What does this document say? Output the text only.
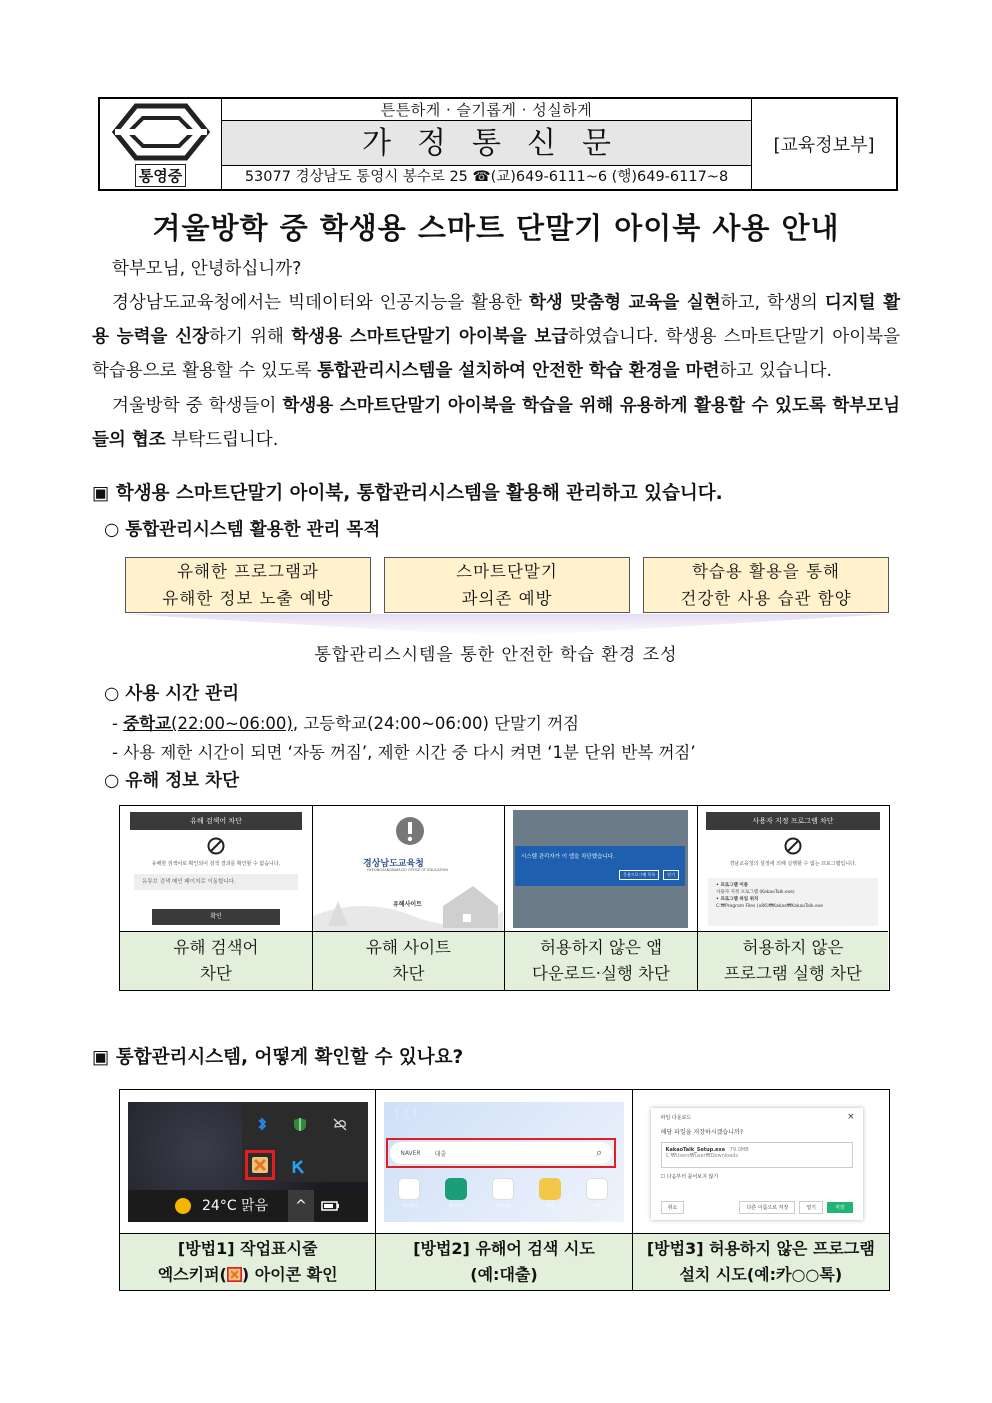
통영중
튼튼하게 · 슬기롭게 · 성실하게
가정통신문
53077 경상남도 통영시 봉수로 25 ☎(교)649-6111~6 (행)649-6117~8
[교육정보부]
겨울방학 중 학생용 스마트 단말기 아이북 사용 안내
학부모님, 안녕하십니까?
경상남도교육청에서는 빅데이터와 인공지능을 활용한 학생 맞춤형 교육을 실현하고, 학생의 디지털 활용 능력을 신장하기 위해 학생용 스마트단말기 아이북을 보급하였습니다. 학생용 스마트단말기 아이북을 학습용으로 활용할 수 있도록 통합관리시스템을 설치하여 안전한 학습 환경을 마련하고 있습니다.
겨울방학 중 학생들이 학생용 스마트단말기 아이북을 학습을 위해 유용하게 활용할 수 있도록 학부모님들의 협조 부탁드립니다.
▣ 학생용 스마트단말기 아이북, 통합관리시스템을 활용해 관리하고 있습니다.
○ 통합관리시스템 활용한 관리 목적
유해한 프로그램과
유해한 정보 노출 예방
스마트단말기
과의존 예방
학습용 활용을 통해
건강한 사용 습관 함양
통합관리스시템을 통한 안전한 학습 환경 조성
○ 사용 시간 관리
- 중학교(22:00~06:00), 고등학교(24:00~06:00) 단말기 꺼짐
- 사용 제한 시간이 되면 ‘자동 꺼짐’, 제한 시간 중 다시 켜면 ‘1분 단위 반복 꺼짐’
○ 유해 정보 차단
유해 검색어 차단
유해한 검색어로 확인되어 검색 결과를 확인할 수 없습니다.
유튜브 검색 메인 페이지로 이동합니다.
확인
유해 검색어
차단
경상남도교육청
GYEONGSANGNAM-DO OFFICE OF EDUCATION
유해사이트
유해 사이트
차단
시스템 관리자가 이 앱을 차단했습니다.
응용프로그램 목록	닫기
허용하지 않은 앱
다운로드·실행 차단
사용자 지정 프로그램 차단
경남교육청의 설정에 의해 실행할 수 없는 프로그램입니다.
• 프로그램 이름
사용자 지정 프로그램 (KakaoTalk.exe)
• 프로그램 파일 위치
C:₩Program Files (x86)₩Kakao₩KakaoTalk.exe
허용하지 않은
프로그램 실행 차단
▣ 통합관리시스템, 어떻게 확인할 수 있나요?
24°C 맑음	^
[방법1] 작업표시줄
엑스키퍼( ) 아이콘 확인
⋮⋮⋮
NAVER 대출	⌕
학교종이	메타버스	정보나라	워치	씨앗
[방법2] 유해어 검색 시도
(예:대출)
파일 다운로드	×
해당 파일을 저장하시겠습니까?
KakaoTalk_Setup.exe 79.0MB
C:₩Users₩user₩Downloads
☐ 다음부터 묻어보지 않기
취소	다른 이름으로 저장	열기	저장
[방법3] 허용하지 않은 프로그램
설치 시도(예:카○○톡)
